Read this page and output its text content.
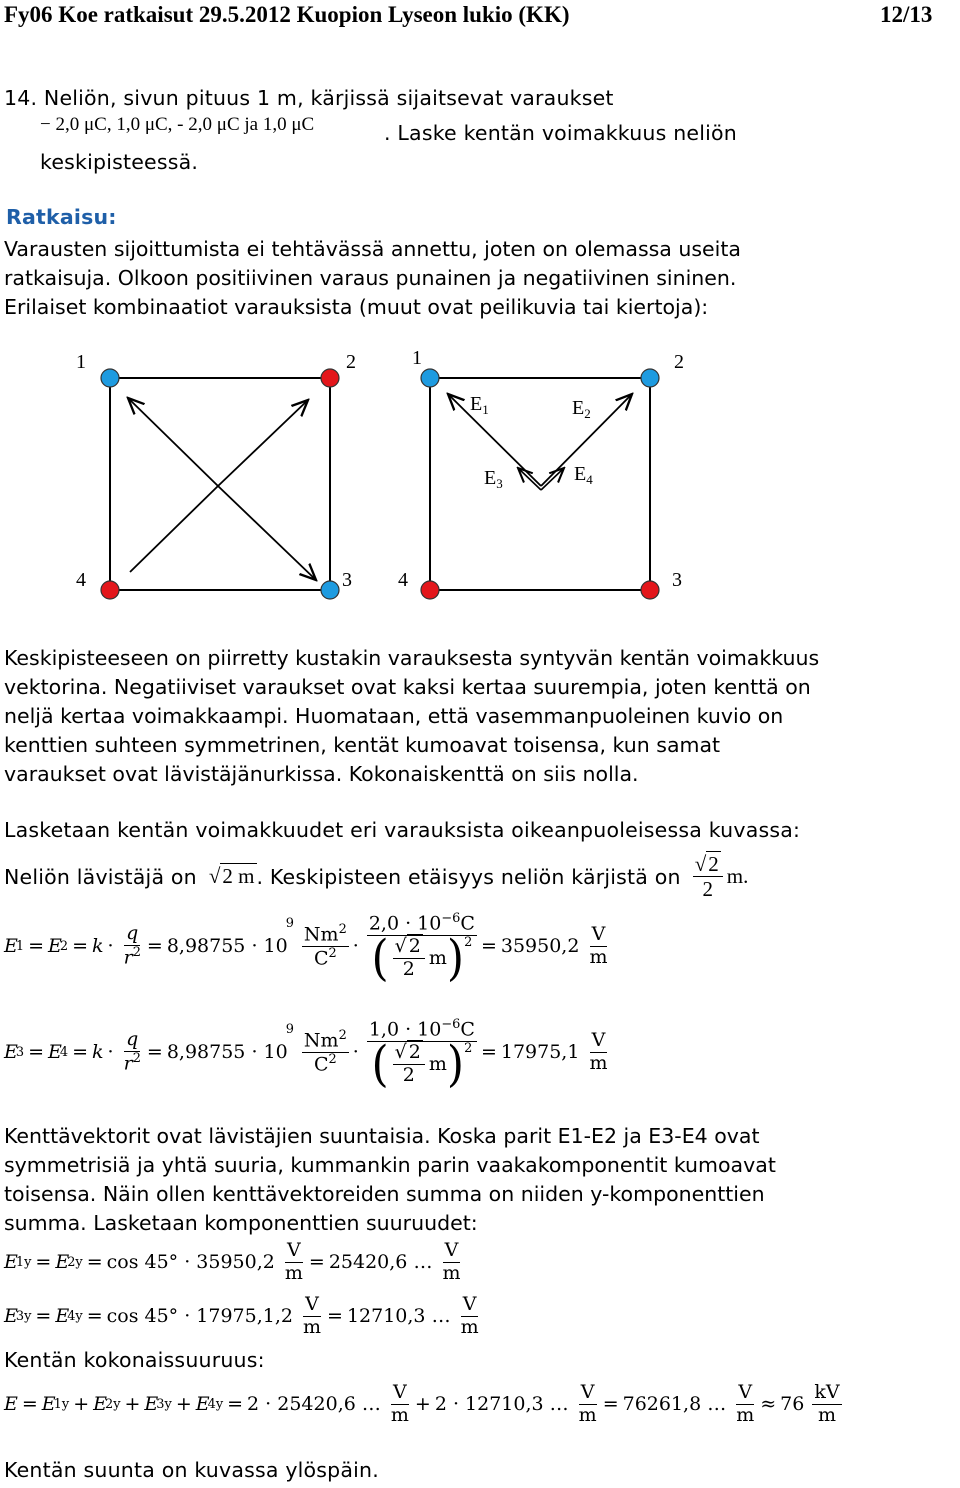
Fy06 Koe ratkaisut 29.5.2012 Kuopion Lyseon lukio (KK)	12/13
14. Neliön, sivun pituus 1 m, kärjissä sijaitsevat varaukset
− 2,0 μC, 1,0 μC, - 2,0 μC ja 1,0 μC	. Laske kentän voimakkuus neliön
keskipisteessä.
Ratkaisu:
Varausten sijoittumista ei tehtävässä annettu, joten on olemassa useita
ratkaisuja. Olkoon positiivinen varaus punainen ja negatiivinen sininen.
Erilaiset kombinaatiot varauksista (muut ovat peilikuvia tai kiertoja):
1	2
3
4
1	2
3
4
$E_1$	$E_2$
$E_3$	$E_4$
Keskipisteeseen on piirretty kustakin varauksesta syntyvän kentän voimakkuus
vektorina. Negatiiviset varaukset ovat kaksi kertaa suurempia, joten kenttä on
neljä kertaa voimakkaampi. Huomataan, että vasemmanpuoleinen kuvio on
kenttien suhteen symmetrinen, kentät kumoavat toisensa, kun samat
varaukset ovat lävistäjänurkissa. Kokonaiskenttä on siis nolla.
Lasketaan kentän voimakkuudet eri varauksista oikeanpuoleisessa kuvassa:
Neliön lävistäjä on √2 m . Keskipisteen etäisyys neliön kärjistä on $\frac{√2}{2} m$.
E
1 = E
$2 = k \cdot \frac{q}{r^2} = 8,98755 \cdot 10$
$9 \frac{Nm^2}{C^2} \cdot \frac{2,0 \cdot 10^{-6}C}{( \frac{√ 2}{2} m )^2} = 35950,2 \frac{V}{m}$
E
3 = E
$4 = k \cdot \frac{q}{r^2} = 8,98755 \cdot 10$
$9 \frac{Nm^2}{C^2} \cdot \frac{1,0 \cdot 10^{-6}C}{( \frac{√ 2}{2} m )^2} = 17975,1 \frac{V}{m}$
Kenttävektorit ovat lävistäjien suuntaisia. Koska parit E1-E2 ja E3-E4 ovat
symmetrisiä ja yhtä suuria, kummankin parin vaakakomponentit kumoavat
toisensa. Näin ollen kenttävektoreiden summa on niiden y-komponenttien
summa. Lasketaan komponenttien suuruudet:
E
1y = E
$2y = \cos 45^\circ \cdot 35950,2 \frac{V}{m} = 25420,6$ … $\frac{V}{m}$
E
3y = E
$4y = \cos 45^\circ \cdot 17975,1,2 \frac{V}{m} = 12710,3$ … $\frac{V}{m}$
Kentän kokonaissuuruus:
E = E
1y + E
2y + E
3y + E
4y = 2 · 25420,6 … $\frac{V}{m} + 2 \cdot 12710,3$ … $\frac{V}{m} = 76261,8$ … $\frac{V}{m} \approx 76 \frac{kV}{m}$
Kentän suunta on kuvassa ylöspäin.
